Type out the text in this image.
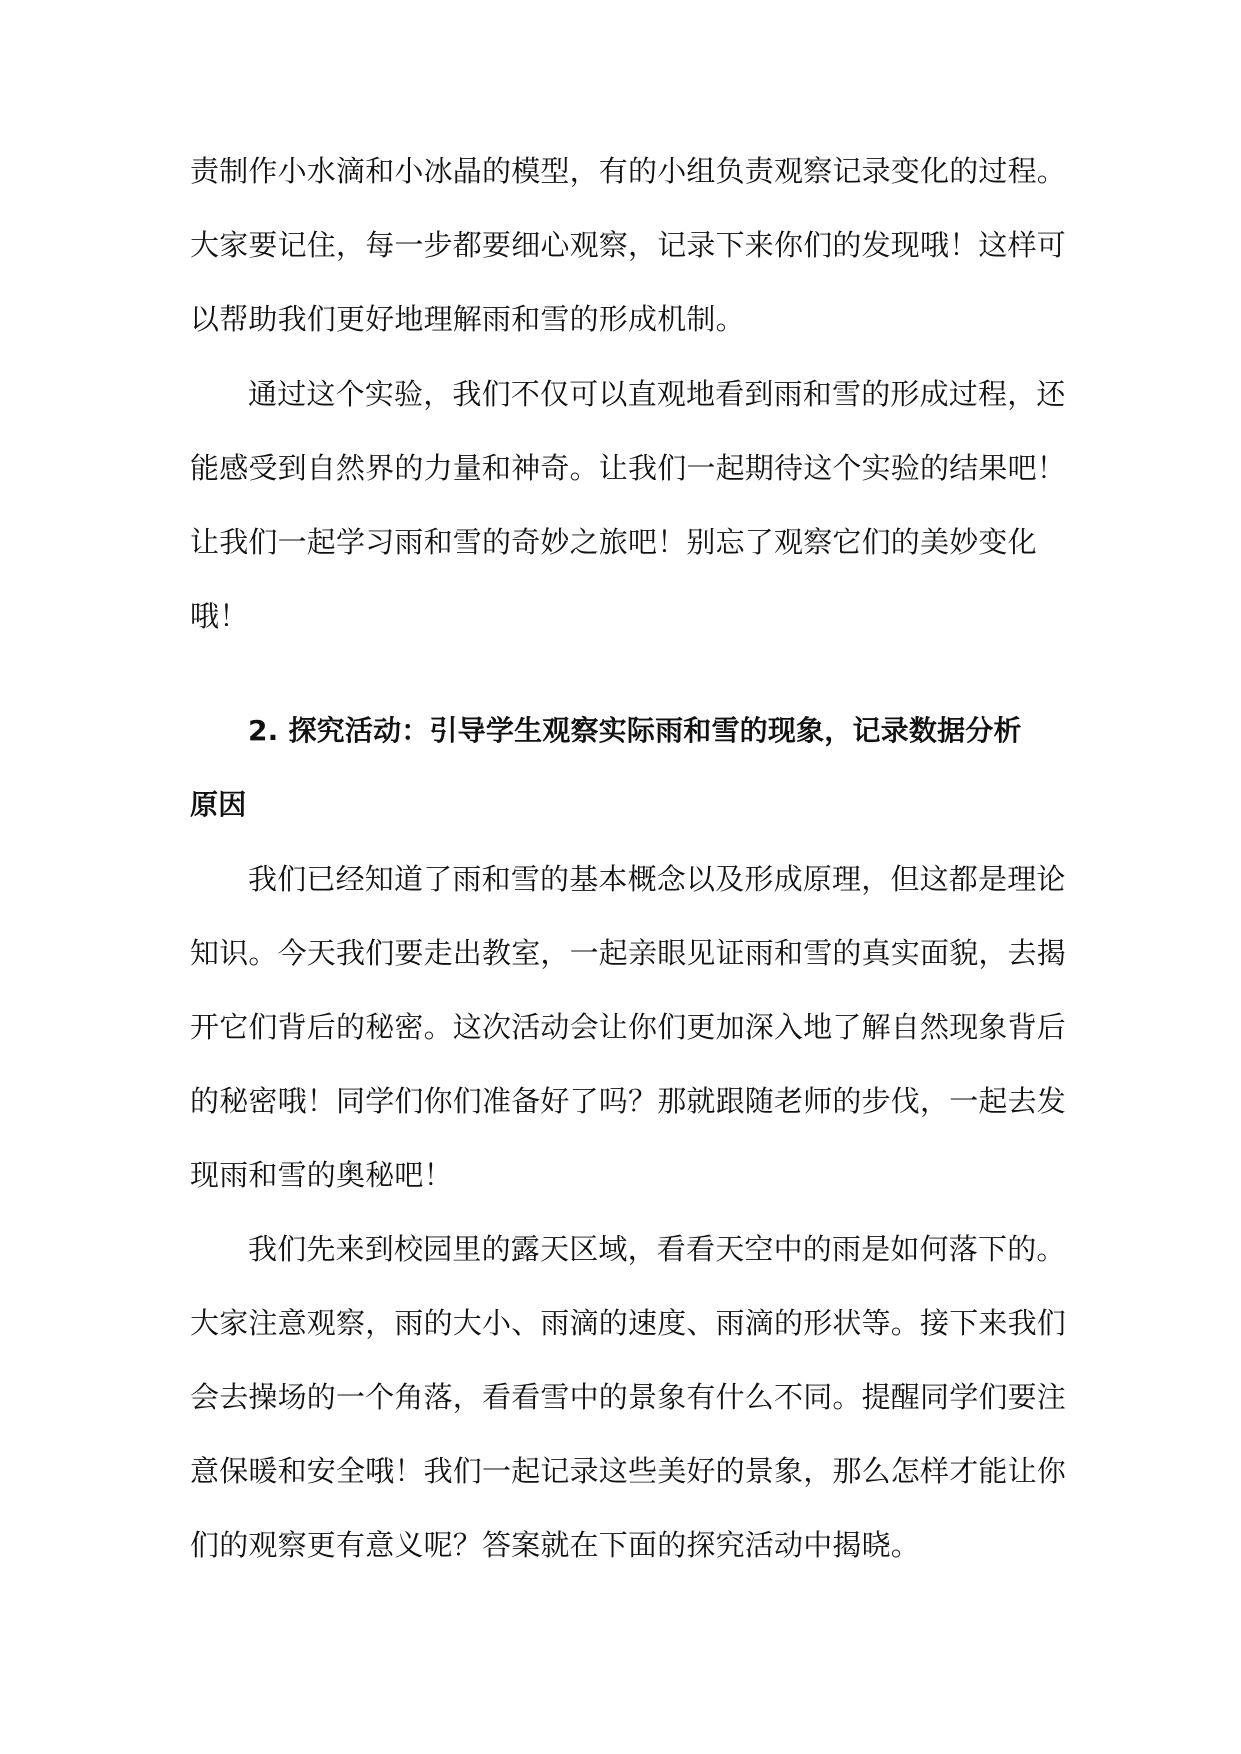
责制作小水滴和小冰晶的模型，有的小组负责观察记录变化的过程。
大家要记住，每一步都要细心观察，记录下来你们的发现哦！这样可
以帮助我们更好地理解雨和雪的形成机制。
通过这个实验，我们不仅可以直观地看到雨和雪的形成过程，还
能感受到自然界的力量和神奇。让我们一起期待这个实验的结果吧！
让我们一起学习雨和雪的奇妙之旅吧！别忘了观察它们的美妙变化
哦！
2. 探究活动：引导学生观察实际雨和雪的现象，记录数据分析
原因
我们已经知道了雨和雪的基本概念以及形成原理，但这都是理论
知识。今天我们要走出教室，一起亲眼见证雨和雪的真实面貌，去揭
开它们背后的秘密。这次活动会让你们更加深入地了解自然现象背后
的秘密哦！同学们你们准备好了吗？那就跟随老师的步伐，一起去发
现雨和雪的奥秘吧！
我们先来到校园里的露天区域，看看天空中的雨是如何落下的。
大家注意观察，雨的大小、雨滴的速度、雨滴的形状等。接下来我们
会去操场的一个角落，看看雪中的景象有什么不同。提醒同学们要注
意保暖和安全哦！我们一起记录这些美好的景象，那么怎样才能让你
们的观察更有意义呢？答案就在下面的探究活动中揭晓。
